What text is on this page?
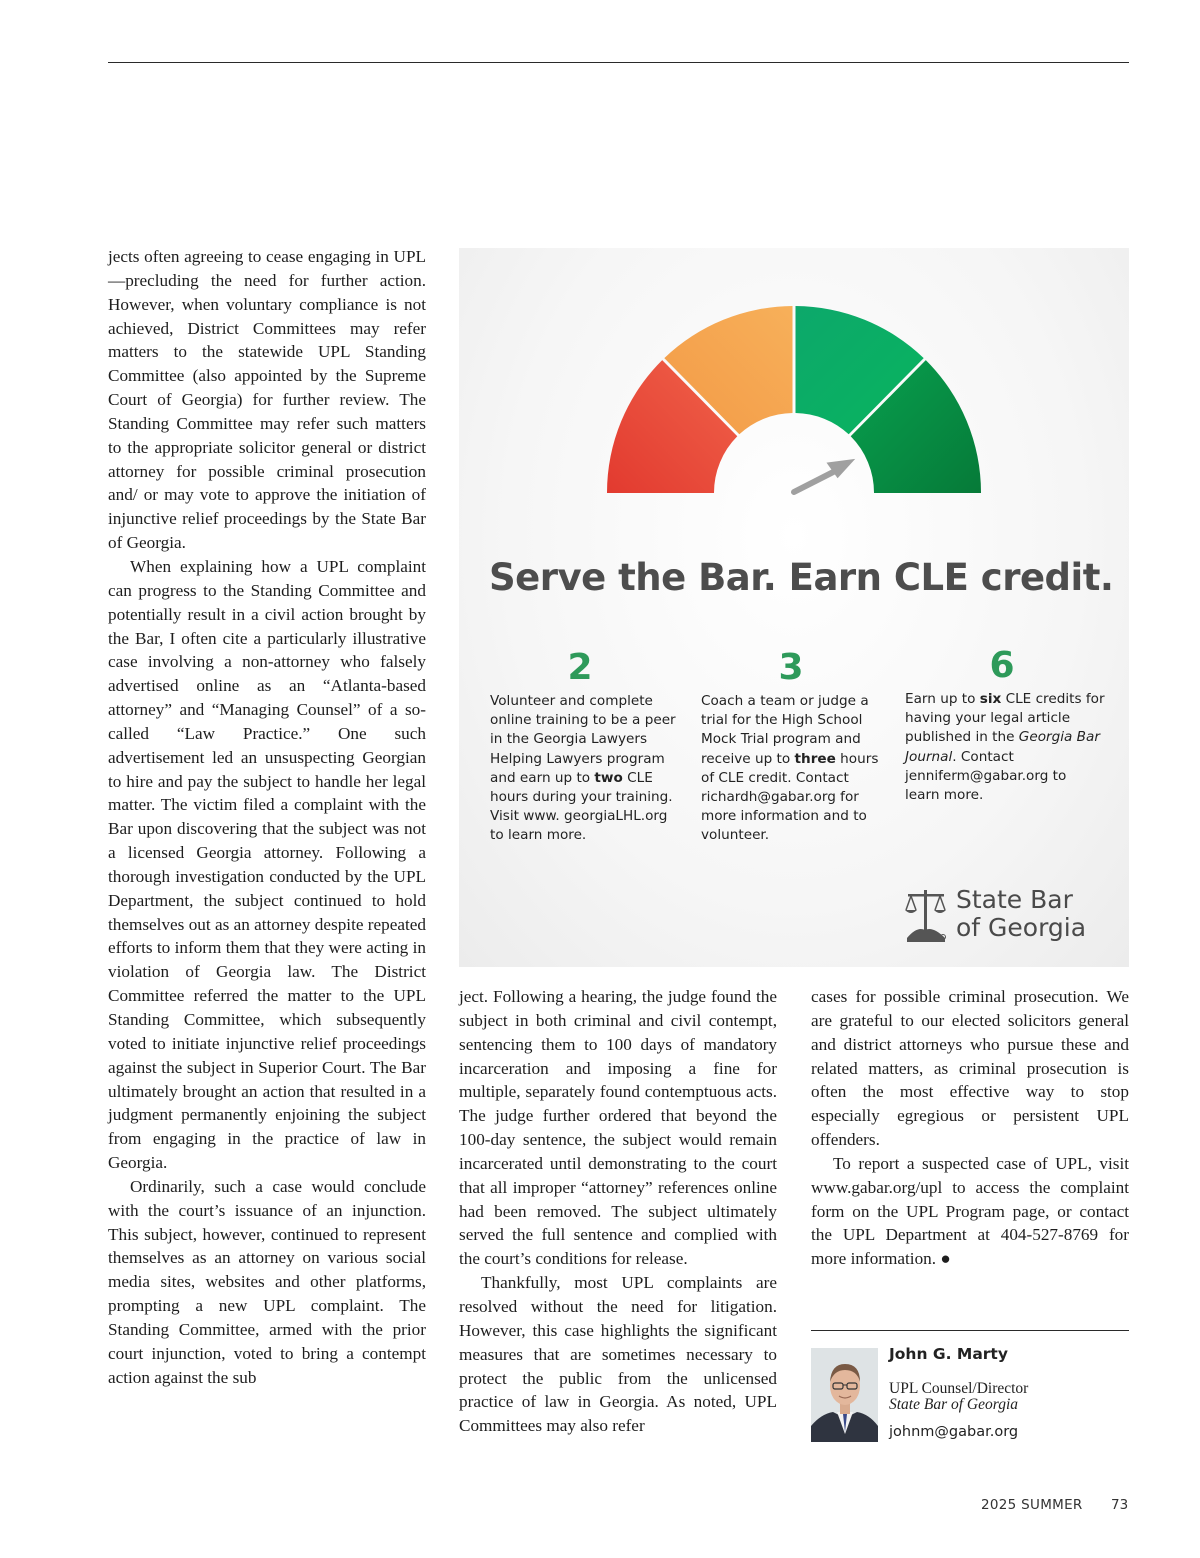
jects often agreeing to cease engaging in UPL—precluding the need for further action. However, when voluntary compliance is not achieved, District Committees may refer matters to the statewide UPL Standing Committee (also appointed by the Supreme Court of Georgia) for further review. The Standing Committee may refer such matters to the appropriate solicitor general or district attorney for possible criminal prosecution and/ or may vote to approve the initiation of injunctive relief proceedings by the State Bar of Georgia.

When explaining how a UPL complaint can progress to the Standing Committee and potentially result in a civil action brought by the Bar, I often cite a particularly illustrative case involving a non-attorney who falsely advertised online as an “Atlanta-based attorney” and “Managing Counsel” of a so-called “Law Practice.” One such advertisement led an unsuspecting Georgian to hire and pay the subject to handle her legal matter. The victim filed a complaint with the Bar upon discovering that the subject was not a licensed Georgia attorney. Following a thorough investigation conducted by the UPL Department, the subject continued to hold themselves out as an attorney despite repeated efforts to inform them that they were acting in violation of Georgia law. The District Committee referred the matter to the UPL Standing Committee, which subsequently voted to initiate injunctive relief proceedings against the subject in Superior Court. The Bar ultimately brought an action that resulted in a judgment permanently enjoining the subject from engaging in the practice of law in Georgia.

Ordinarily, such a case would conclude with the court’s issuance of an injunction. This subject, however, continued to represent themselves as an attorney on various social media sites, websites and other platforms, prompting a new UPL complaint. The Standing Committee, armed with the prior court injunction, voted to bring a contempt action against the sub

Serve the Bar. Earn CLE credit.
2
Volunteer and complete online training to be a peer in the Georgia Lawyers Helping Lawyers program and earn up to two CLE hours during your training. Visit www. georgiaLHL.org to learn more.
3
Coach a team or judge a trial for the High School Mock Trial program and receive up to three hours of CLE credit. Contact richardh@gabar.org for more information and to volunteer.
6
Earn up to six CLE credits for having your legal article published in the Georgia Bar Journal. Contact jenniferm@gabar.org to learn more.
State Bar
of Georgia

ject. Following a hearing, the judge found the subject in both criminal and civil contempt, sentencing them to 100 days of mandatory incarceration and imposing a fine for multiple, separately found contemptuous acts. The judge further ordered that beyond the 100-day sentence, the subject would remain incarcerated until demonstrating to the court that all improper “attorney” references online had been removed. The subject ultimately served the full sentence and complied with the court’s conditions for release.

Thankfully, most UPL complaints are resolved without the need for litigation. However, this case highlights the significant measures that are sometimes necessary to protect the public from the unlicensed practice of law in Georgia. As noted, UPL Committees may also refer

cases for possible criminal prosecution. We are grateful to our elected solicitors general and district attorneys who pursue these and related matters, as criminal prosecution is often the most effective way to stop especially egregious or persistent UPL offenders.

To report a suspected case of UPL, visit www.gabar.org/upl to access the complaint form on the UPL Program page, or contact the UPL Department at 404-527-8769 for more information. ●

John G. Marty
UPL Counsel/Director
State Bar of Georgia
johnm@gabar.org
2025 SUMMER 73
